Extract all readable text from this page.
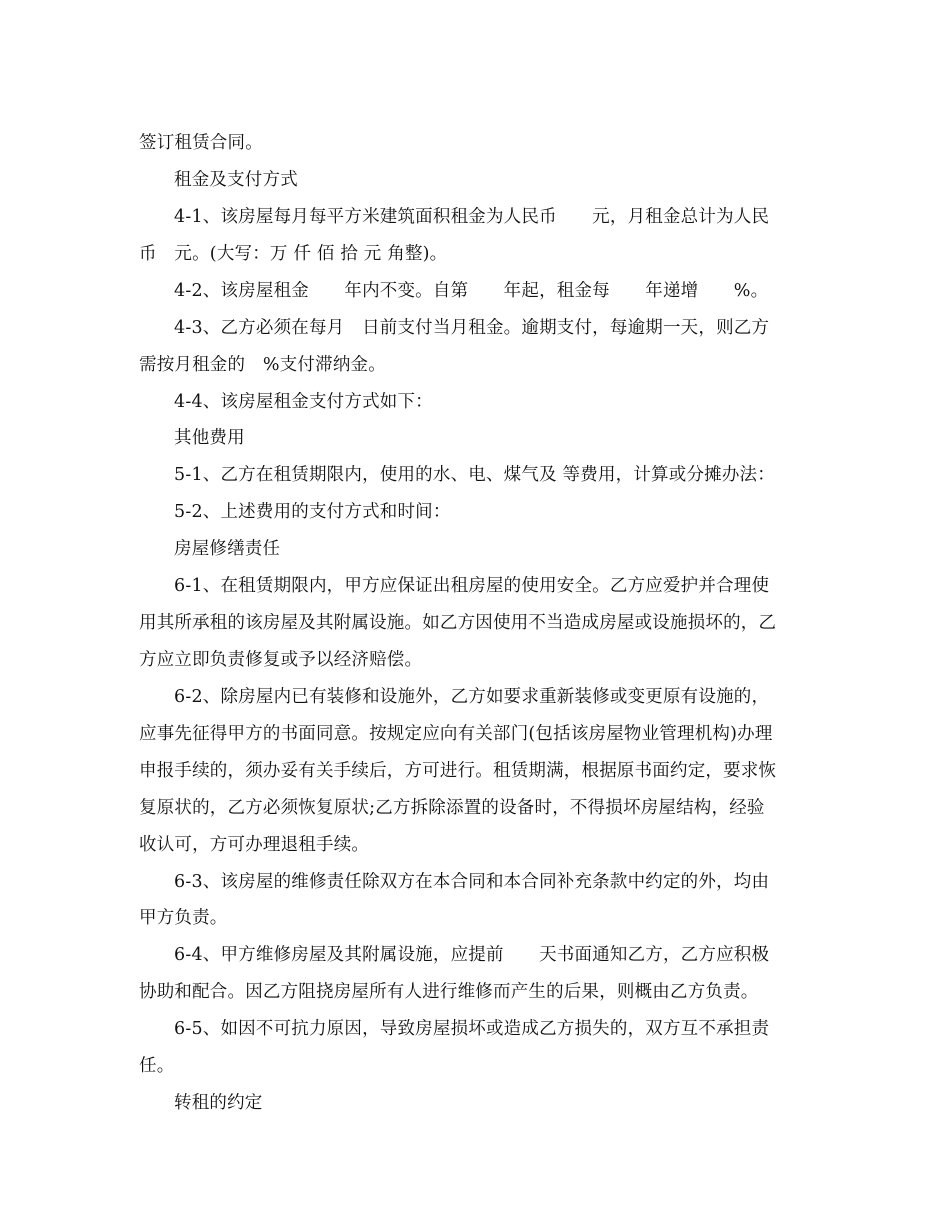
签订租赁合同。
租金及支付方式
4-1、该房屋每月每平方米建筑面积租金为人民币　　元，月租金总计为人民
币　元。(大写：万 仟 佰 拾 元 角整)。
4-2、该房屋租金　　年内不变。自第　　年起，租金每　　年递增　　%。
4-3、乙方必须在每月　日前支付当月租金。逾期支付，每逾期一天，则乙方
需按月租金的　%支付滞纳金。
4-4、该房屋租金支付方式如下：
其他费用
5-1、乙方在租赁期限内，使用的水、电、煤气及 等费用，计算或分摊办法：
5-2、上述费用的支付方式和时间：
房屋修缮责任
6-1、在租赁期限内，甲方应保证出租房屋的使用安全。乙方应爱护并合理使
用其所承租的该房屋及其附属设施。如乙方因使用不当造成房屋或设施损坏的，乙
方应立即负责修复或予以经济赔偿。
6-2、除房屋内已有装修和设施外，乙方如要求重新装修或变更原有设施的，
应事先征得甲方的书面同意。按规定应向有关部门(包括该房屋物业管理机构)办理
申报手续的，须办妥有关手续后，方可进行。租赁期满，根据原书面约定，要求恢
复原状的，乙方必须恢复原状;乙方拆除添置的设备时，不得损坏房屋结构，经验
收认可，方可办理退租手续。
6-3、该房屋的维修责任除双方在本合同和本合同补充条款中约定的外，均由
甲方负责。
6-4、甲方维修房屋及其附属设施，应提前　　天书面通知乙方，乙方应积极
协助和配合。因乙方阻挠房屋所有人进行维修而产生的后果，则概由乙方负责。
6-5、如因不可抗力原因，导致房屋损坏或造成乙方损失的，双方互不承担责
任。
转租的约定
